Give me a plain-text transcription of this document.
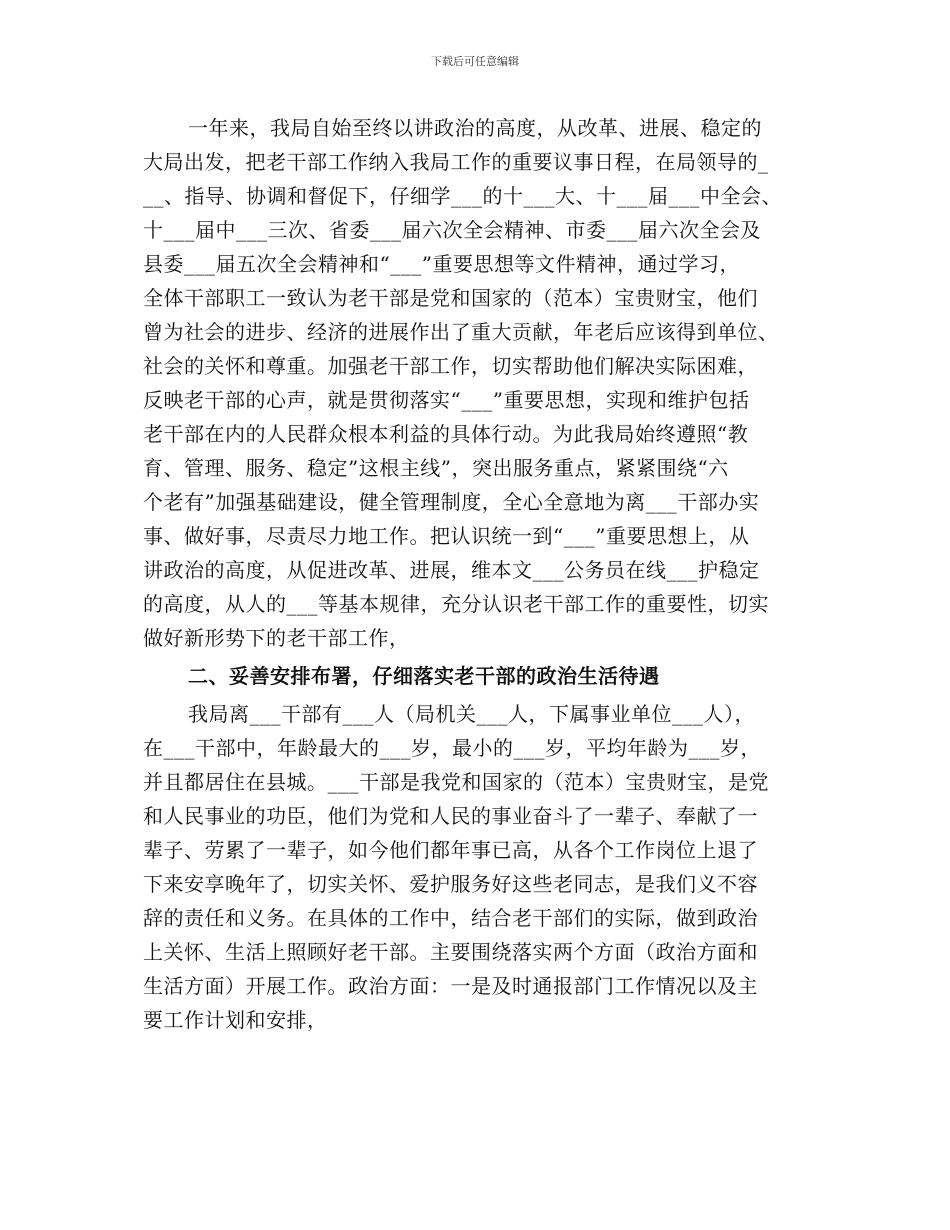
下载后可任意编辑
一年来，我局自始至终以讲政治的高度，从改革、进展、稳定的
大局出发，把老干部工作纳入我局工作的重要议事日程，在局领导的_
__、指导、协调和督促下，仔细学___的十___大、十___届___中全会、
十___届中___三次、省委___届六次全会精神、市委___届六次全会及
县委___届五次全会精神和“___”重要思想等文件精神，通过学习，
全体干部职工一致认为老干部是党和国家的（范本）宝贵财宝，他们
曾为社会的进步、经济的进展作出了重大贡献，年老后应该得到单位、
社会的关怀和尊重。加强老干部工作，切实帮助他们解决实际困难，
反映老干部的心声，就是贯彻落实“___”重要思想，实现和维护包括
老干部在内的人民群众根本利益的具体行动。为此我局始终遵照“教
育、管理、服务、稳定”这根主线”，突出服务重点，紧紧围绕“六
个老有”加强基础建设，健全管理制度，全心全意地为离___干部办实
事、做好事，尽责尽力地工作。把认识统一到“___”重要思想上，从
讲政治的高度，从促进改革、进展，维本文___公务员在线___护稳定
的高度，从人的___等基本规律，充分认识老干部工作的重要性，切实
做好新形势下的老干部工作，
二、妥善安排布署，仔细落实老干部的政治生活待遇
我局离___干部有___人（局机关___人，下属事业单位___人），
在___干部中，年龄最大的___岁，最小的___岁，平均年龄为___岁，
并且都居住在县城。___干部是我党和国家的（范本）宝贵财宝，是党
和人民事业的功臣，他们为党和人民的事业奋斗了一辈子、奉献了一
辈子、劳累了一辈子，如今他们都年事已高，从各个工作岗位上退了
下来安享晚年了，切实关怀、爱护服务好这些老同志，是我们义不容
辞的责任和义务。在具体的工作中，结合老干部们的实际，做到政治
上关怀、生活上照顾好老干部。主要围绕落实两个方面（政治方面和
生活方面）开展工作。政治方面：一是及时通报部门工作情况以及主
要工作计划和安排，
